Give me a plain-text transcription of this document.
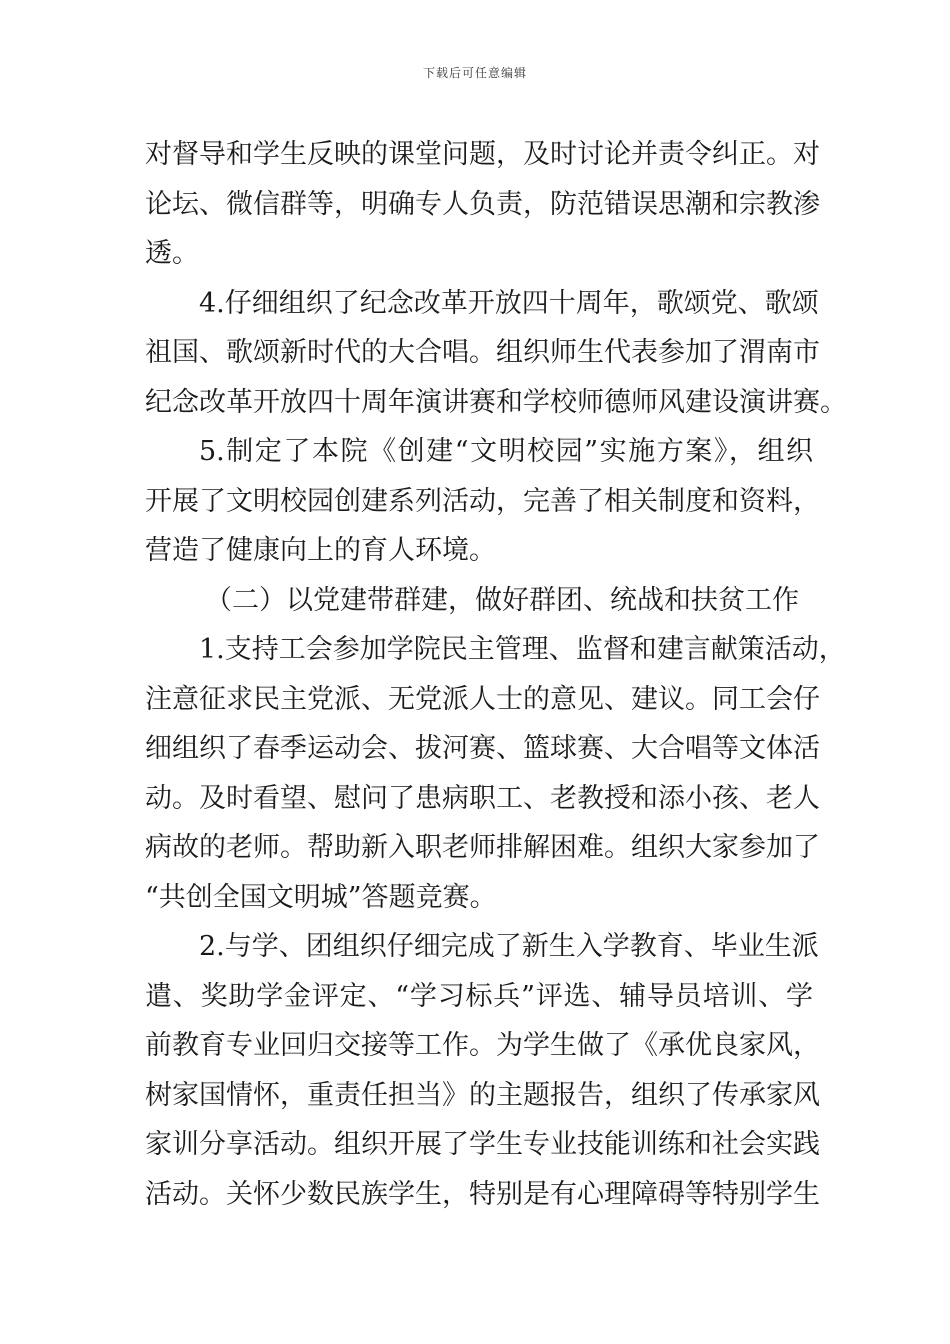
下载后可任意编辑
对督导和学生反映的课堂问题，及时讨论并责令纠正。对
论坛、微信群等，明确专人负责，防范错误思潮和宗教渗
透。
4.仔细组织了纪念改革开放四十周年，歌颂党、歌颂
祖国、歌颂新时代的大合唱。组织师生代表参加了渭南市
纪念改革开放四十周年演讲赛和学校师德师风建设演讲赛。
5.制定了本院《创建“文明校园”实施方案》，组织
开展了文明校园创建系列活动，完善了相关制度和资料，
营造了健康向上的育人环境。
（二）以党建带群建，做好群团、统战和扶贫工作
1.支持工会参加学院民主管理、监督和建言献策活动，
注意征求民主党派、无党派人士的意见、建议。同工会仔
细组织了春季运动会、拔河赛、篮球赛、大合唱等文体活
动。及时看望、慰问了患病职工、老教授和添小孩、老人
病故的老师。帮助新入职老师排解困难。组织大家参加了
“共创全国文明城”答题竞赛。
2.与学、团组织仔细完成了新生入学教育、毕业生派
遣、奖助学金评定、“学习标兵”评选、辅导员培训、学
前教育专业回归交接等工作。为学生做了《承优良家风，
树家国情怀，重责任担当》的主题报告，组织了传承家风
家训分享活动。组织开展了学生专业技能训练和社会实践
活动。关怀少数民族学生，特别是有心理障碍等特别学生
